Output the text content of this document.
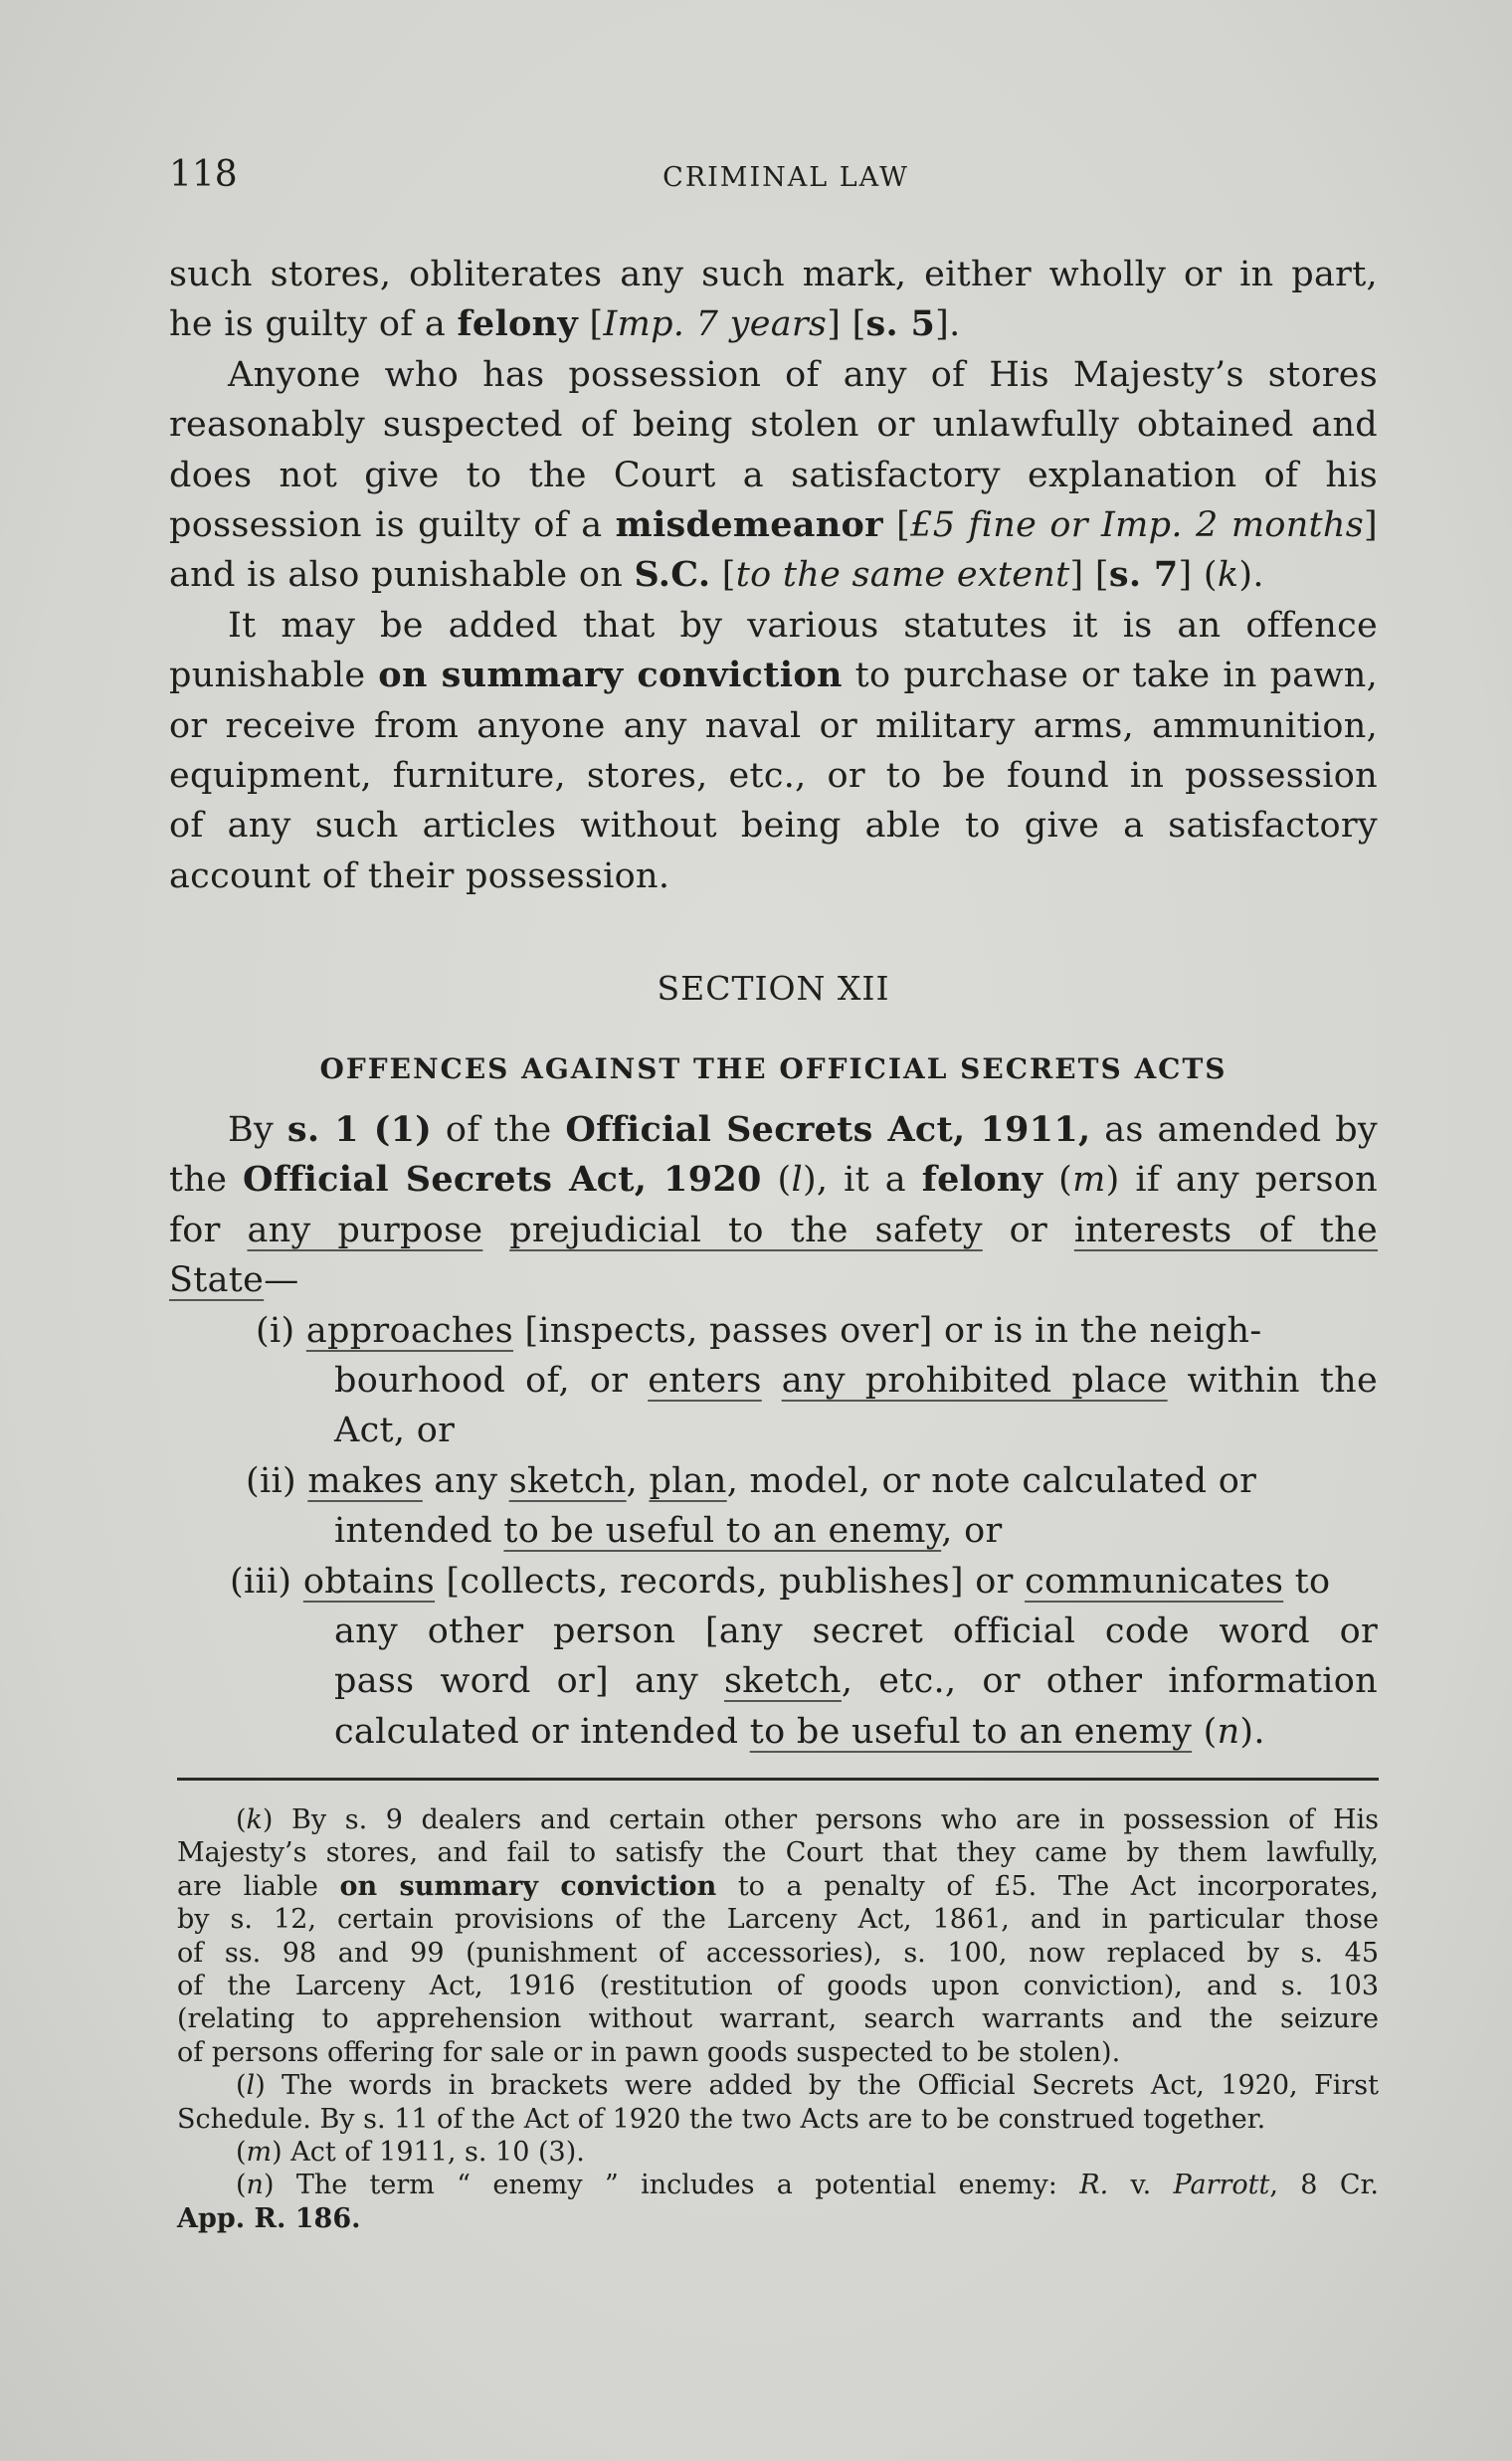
118	CRIMINAL LAW
such stores, obliterates any such mark, either wholly or in part,
he is guilty of a felony [Imp. 7 years] [s. 5].
Anyone who has possession of any of His Majesty’s stores
reasonably suspected of being stolen or unlawfully obtained and
does not give to the Court a satisfactory explanation of his
possession is guilty of a misdemeanor [£5 fine or Imp. 2 months]
and is also punishable on S.C. [to the same extent] [s. 7] (k).
It may be added that by various statutes it is an offence
punishable on summary conviction to purchase or take in pawn,
or receive from anyone any naval or military arms, ammunition,
equipment, furniture, stores, etc., or to be found in possession
of any such articles without being able to give a satisfactory
account of their possession.
SECTION XII
OFFENCES AGAINST THE OFFICIAL SECRETS ACTS
By s. 1 (1) of the Official Secrets Act, 1911, as amended by
the Official Secrets Act, 1920 (l), it a felony (m) if any person
for any purpose prejudicial to the safety or interests of the
State—
(i) approaches [inspects, passes over] or is in the neigh-
bourhood of, or enters any prohibited place within the
Act, or
(ii) makes any sketch, plan, model, or note calculated or
intended to be useful to an enemy, or
(iii) obtains [collects, records, publishes] or communicates to
any other person [any secret official code word or
pass word or] any sketch, etc., or other information
calculated or intended to be useful to an enemy (n).
(k) By s. 9 dealers and certain other persons who are in possession of His
Majesty’s stores, and fail to satisfy the Court that they came by them lawfully,
are liable on summary conviction to a penalty of £5. The Act incorporates,
by s. 12, certain provisions of the Larceny Act, 1861, and in particular those
of ss. 98 and 99 (punishment of accessories), s. 100, now replaced by s. 45
of the Larceny Act, 1916 (restitution of goods upon conviction), and s. 103
(relating to apprehension without warrant, search warrants and the seizure
of persons offering for sale or in pawn goods suspected to be stolen).
(l) The words in brackets were added by the Official Secrets Act, 1920, First
Schedule. By s. 11 of the Act of 1920 the two Acts are to be construed together.
(m) Act of 1911, s. 10 (3).
(n) The term “ enemy ” includes a potential enemy: R. v. Parrott, 8 Cr.
App. R. 186.
